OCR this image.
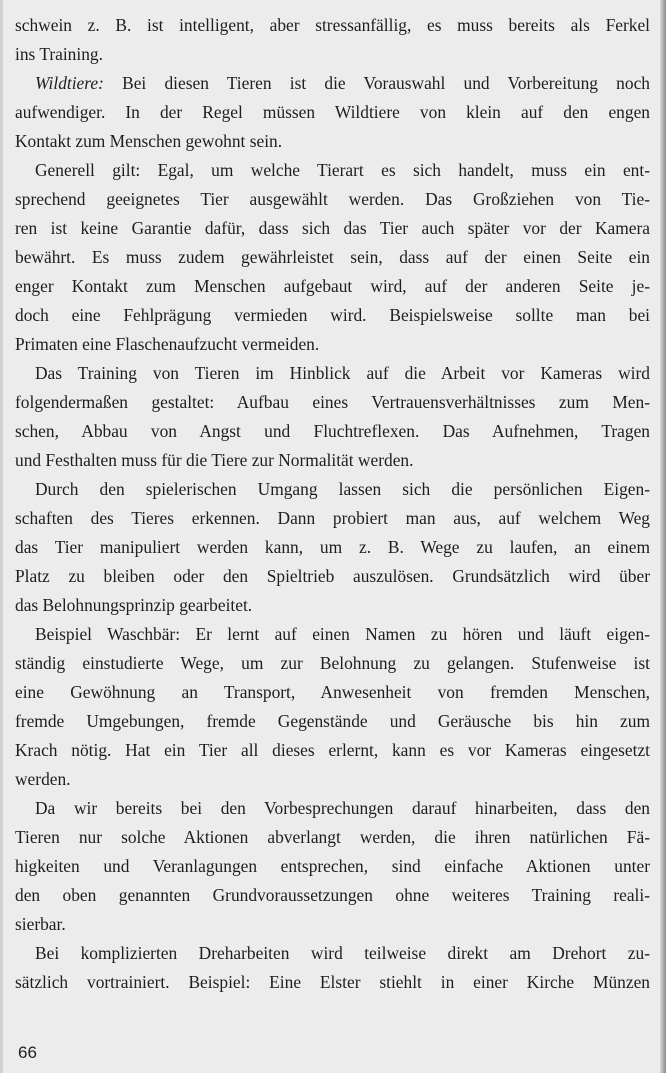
schwein z. B. ist intelligent, aber stressanfällig, es muss bereits als Ferkel
ins Training.
Wildtiere: Bei diesen Tieren ist die Vorauswahl und Vorbereitung noch
aufwendiger. In der Regel müssen Wildtiere von klein auf den engen
Kontakt zum Menschen gewohnt sein.
Generell gilt: Egal, um welche Tierart es sich handelt, muss ein ent-
sprechend geeignetes Tier ausgewählt werden. Das Großziehen von Tie-
ren ist keine Garantie dafür, dass sich das Tier auch später vor der Kamera
bewährt. Es muss zudem gewährleistet sein, dass auf der einen Seite ein
enger Kontakt zum Menschen aufgebaut wird, auf der anderen Seite je-
doch eine Fehlprägung vermieden wird. Beispielsweise sollte man bei
Primaten eine Flaschenaufzucht vermeiden.
Das Training von Tieren im Hinblick auf die Arbeit vor Kameras wird
folgendermaßen gestaltet: Aufbau eines Vertrauensverhältnisses zum Men-
schen, Abbau von Angst und Fluchtreflexen. Das Aufnehmen, Tragen
und Festhalten muss für die Tiere zur Normalität werden.
Durch den spielerischen Umgang lassen sich die persönlichen Eigen-
schaften des Tieres erkennen. Dann probiert man aus, auf welchem Weg
das Tier manipuliert werden kann, um z. B. Wege zu laufen, an einem
Platz zu bleiben oder den Spieltrieb auszulösen. Grundsätzlich wird über
das Belohnungsprinzip gearbeitet.
Beispiel Waschbär: Er lernt auf einen Namen zu hören und läuft eigen-
ständig einstudierte Wege, um zur Belohnung zu gelangen. Stufenweise ist
eine Gewöhnung an Transport, Anwesenheit von fremden Menschen,
fremde Umgebungen, fremde Gegenstände und Geräusche bis hin zum
Krach nötig. Hat ein Tier all dieses erlernt, kann es vor Kameras eingesetzt
werden.
Da wir bereits bei den Vorbesprechungen darauf hinarbeiten, dass den
Tieren nur solche Aktionen abverlangt werden, die ihren natürlichen Fä-
higkeiten und Veranlagungen entsprechen, sind einfache Aktionen unter
den oben genannten Grundvoraussetzungen ohne weiteres Training reali-
sierbar.
Bei komplizierten Dreharbeiten wird teilweise direkt am Drehort zu-
sätzlich vortrainiert. Beispiel: Eine Elster stiehlt in einer Kirche Münzen
66
